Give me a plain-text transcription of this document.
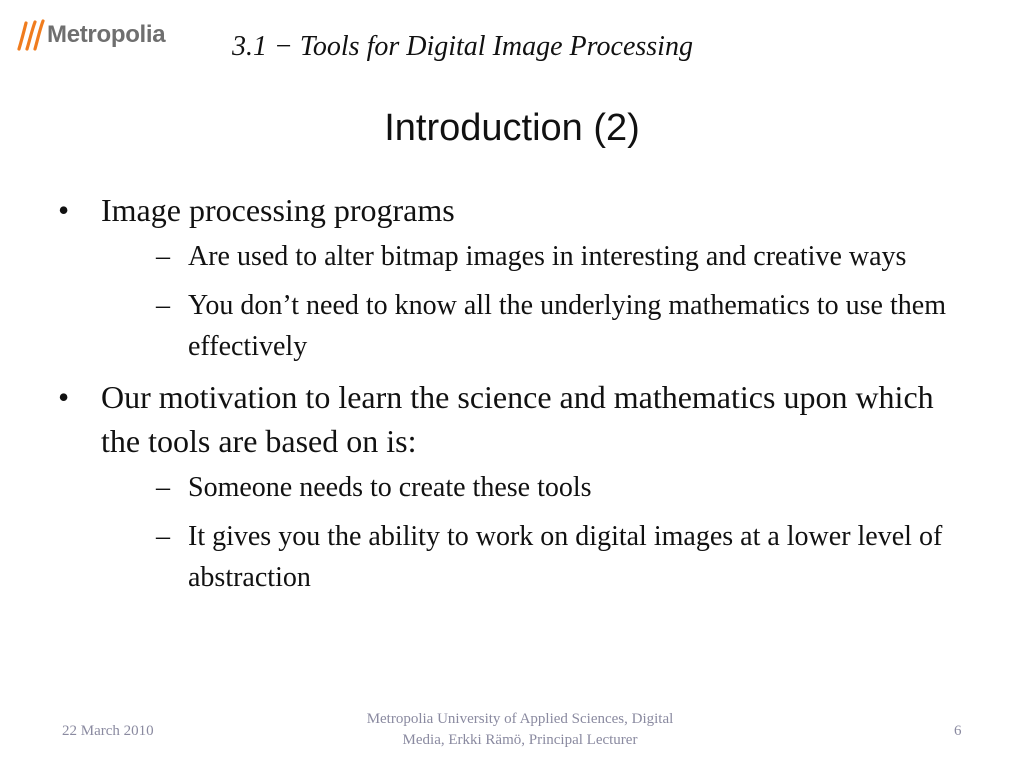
Metropolia 3.1 − Tools for Digital Image Processing
Introduction (2)
• Image processing programs
– Are used to alter bitmap images in interesting and creative ways
– You don’t need to know all the underlying mathematics to use them effectively
• Our motivation to learn the science and mathematics upon which the tools are based on is:
– Someone needs to create these tools
– It gives you the ability to work on digital images at a lower level of abstraction
22 March 2010
Metropolia University of Applied Sciences, Digital
Media, Erkki Rämö, Principal Lecturer
6
